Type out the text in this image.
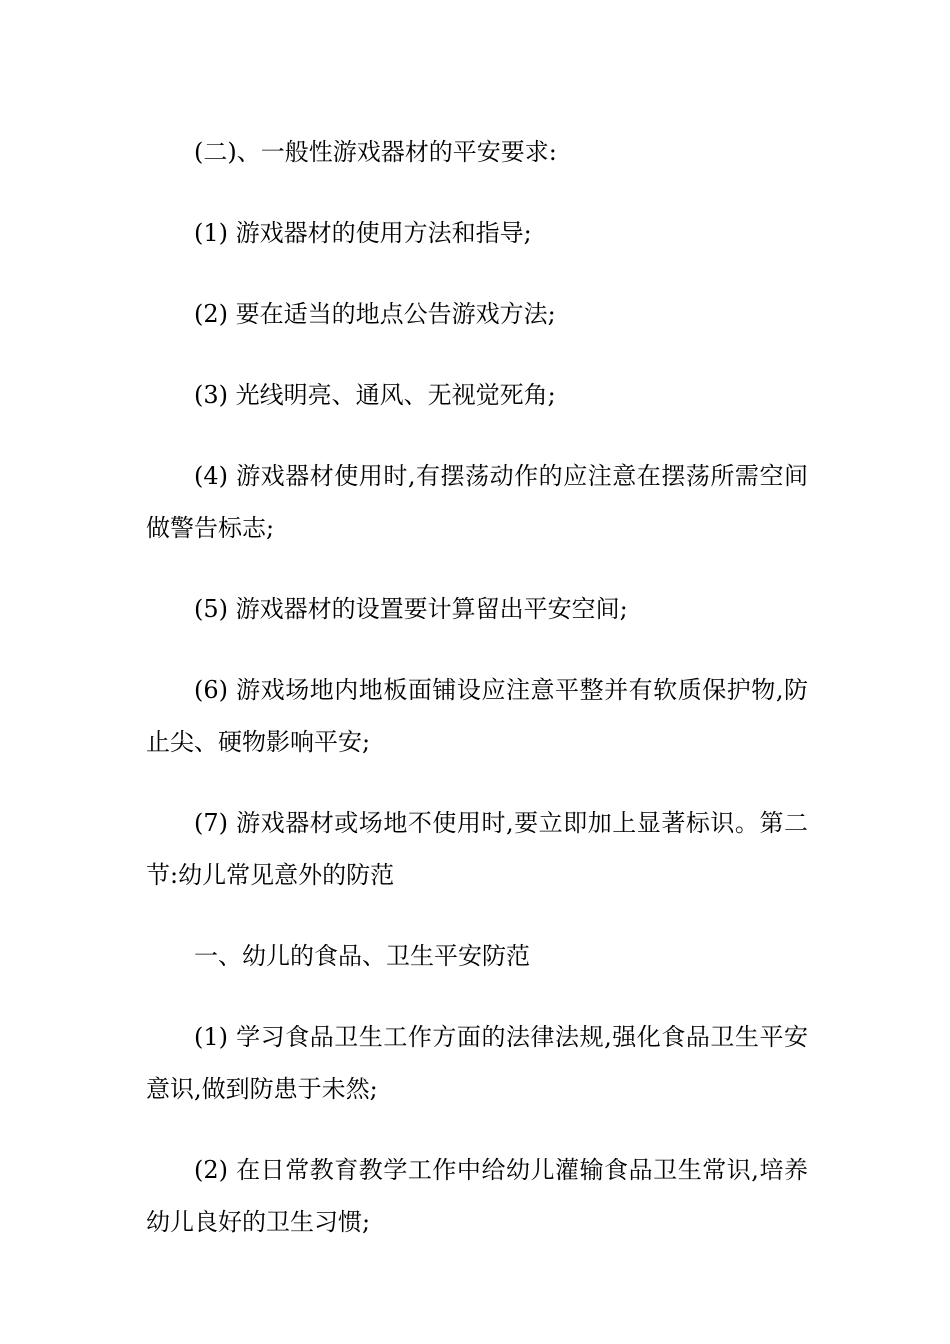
(二)、一般性游戏器材的平安要求:

(1) 游戏器材的使用方法和指导;

(2) 要在适当的地点公告游戏方法;

(3) 光线明亮、通风、无视觉死角;

(4) 游戏器材使用时,有摆荡动作的应注意在摆荡所需空间做警告标志;

(5) 游戏器材的设置要计算留出平安空间;

(6) 游戏场地内地板面铺设应注意平整并有软质保护物,防止尖、硬物影响平安;

(7) 游戏器材或场地不使用时,要立即加上显著标识。第二节:幼儿常见意外的防范

一、幼儿的食品、卫生平安防范

(1) 学习食品卫生工作方面的法律法规,强化食品卫生平安意识,做到防患于未然;

(2) 在日常教育教学工作中给幼儿灌输食品卫生常识,培养幼儿良好的卫生习惯;
